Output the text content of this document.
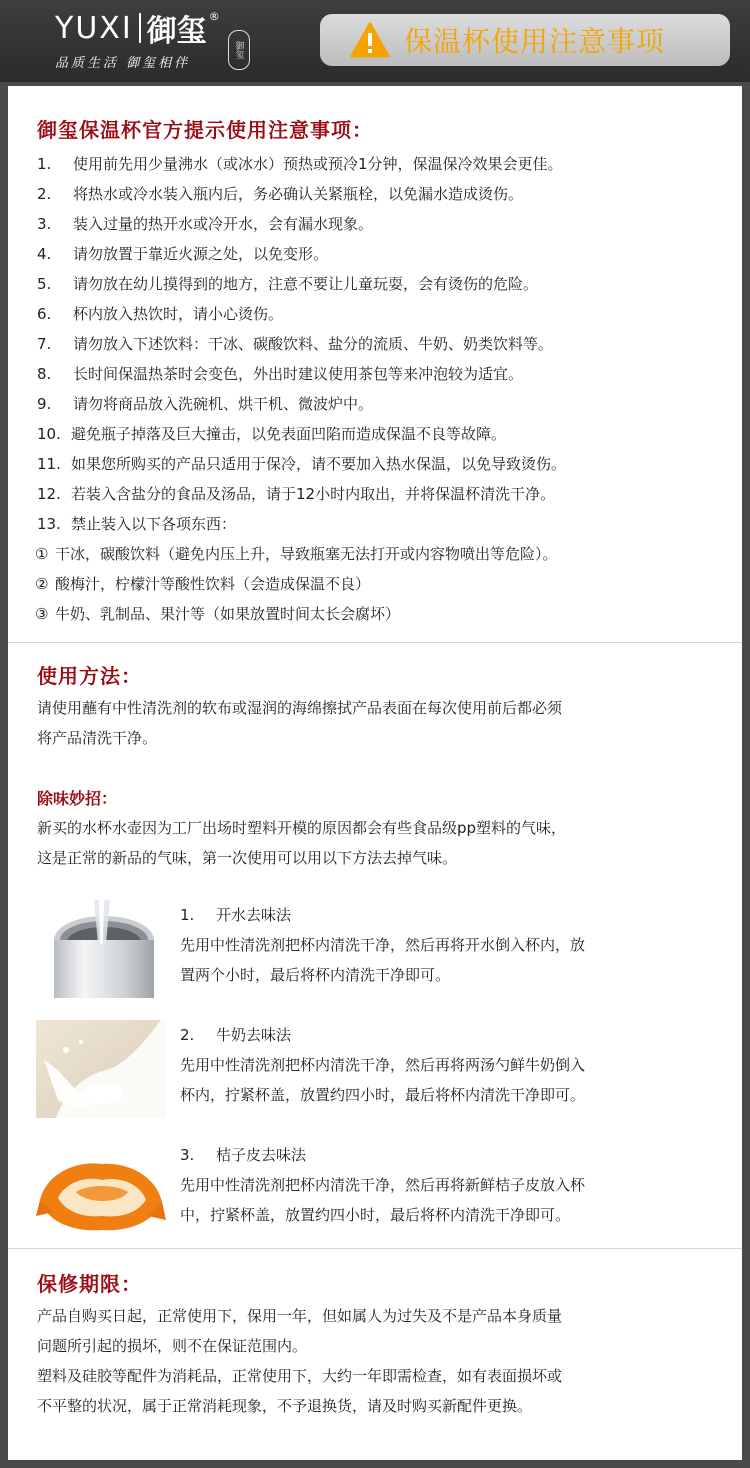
YUXI 御玺 ®
品质生活 御玺相伴
御玺	保温杯使用注意事项
御玺保温杯官方提示使用注意事项：
1.	使用前先用少量沸水（或冰水）预热或预冷1分钟，保温保冷效果会更佳。
2.	将热水或冷水装入瓶内后，务必确认关紧瓶栓，以免漏水造成烫伤。
3.	装入过量的热开水或冷开水，会有漏水现象。
4.	请勿放置于靠近火源之处，以免变形。
5.	请勿放在幼儿摸得到的地方，注意不要让儿童玩耍，会有烫伤的危险。
6.	杯内放入热饮时，请小心烫伤。
7.	请勿放入下述饮料：干冰、碳酸饮料、盐分的流质、牛奶、奶类饮料等。
8.	长时间保温热茶时会变色，外出时建议使用茶包等来冲泡较为适宜。
9.	请勿将商品放入洗碗机、烘干机、微波炉中。
10. 避免瓶子掉落及巨大撞击，以免表面凹陷而造成保温不良等故障。
11. 如果您所购买的产品只适用于保冷，请不要加入热水保温，以免导致烫伤。
12. 若装入含盐分的食品及汤品，请于12小时内取出，并将保温杯清洗干净。
13. 禁止装入以下各项东西：
① 干冰，碳酸饮料（避免内压上升，导致瓶塞无法打开或内容物喷出等危险）。
② 酸梅汁，柠檬汁等酸性饮料（会造成保温不良）
③ 牛奶、乳制品、果汁等（如果放置时间太长会腐坏）
使用方法：
请使用蘸有中性清洗剂的软布或湿润的海绵擦拭产品表面在每次使用前后都必须
将产品清洗干净。
除味妙招：
新买的水杯水壶因为工厂出场时塑料开模的原因都会有些食品级pp塑料的气味，
这是正常的新品的气味，第一次使用可以用以下方法去掉气味。
1. 开水去味法
先用中性清洗剂把杯内清洗干净，然后再将开水倒入杯内，放
置两个小时，最后将杯内清洗干净即可。
2. 牛奶去味法
先用中性清洗剂把杯内清洗干净，然后再将两汤勺鲜牛奶倒入
杯内，拧紧杯盖，放置约四小时，最后将杯内清洗干净即可。
3. 桔子皮去味法
先用中性清洗剂把杯内清洗干净，然后再将新鲜桔子皮放入杯
中，拧紧杯盖，放置约四小时，最后将杯内清洗干净即可。
保修期限：
产品自购买日起，正常使用下，保用一年，但如属人为过失及不是产品本身质量
问题所引起的损坏，则不在保证范围内。
塑料及硅胶等配件为消耗品，正常使用下，大约一年即需检查，如有表面损坏或
不平整的状况，属于正常消耗现象，不予退换货，请及时购买新配件更换。
